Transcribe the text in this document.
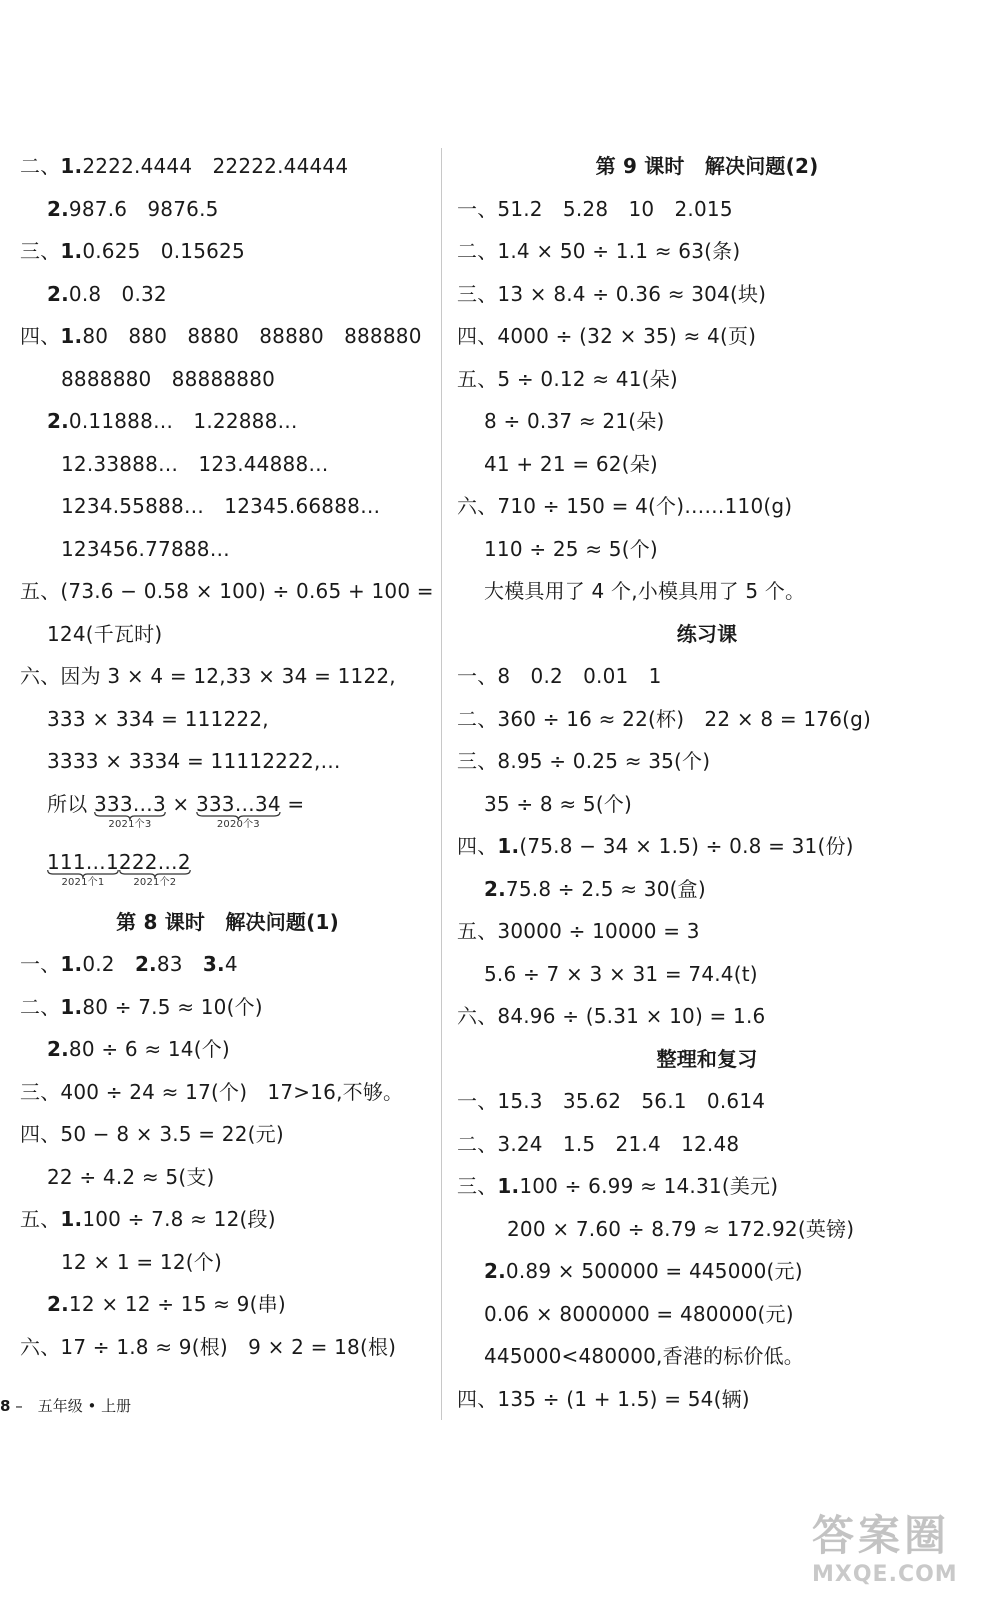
二、1.2222.4444　22222.44444
2.987.6　9876.5
三、1.0.625　0.15625
2.0.8　0.32
四、1.80　880　8880　88880　888880
8888880　88888880
2.0.11888…　1.22888…
12.33888…　123.44888…
1234.55888…　12345.66888…
123456.77888…
五、(73.6 − 0.58 × 100) ÷ 0.65 + 100 =
124(千瓦时)
六、因为 3 × 4 = 12,33 × 34 = 1122,
333 × 334 = 111222,
3333 × 3334 = 11112222,…
所以 333…3
2021个3
× 333…34
2020个3
=
111…1
2021个1
222…2
2021个2
第 8 课时　解决问题(1)
一、1.0.2　2.83　3.4
二、1.80 ÷ 7.5 ≈ 10(个)
2.80 ÷ 6 ≈ 14(个)
三、400 ÷ 24 ≈ 17(个)　17>16,不够。
四、50 − 8 × 3.5 = 22(元)
22 ÷ 4.2 ≈ 5(支)
五、1.100 ÷ 7.8 ≈ 12(段)
12 × 1 = 12(个)
2.12 × 12 ÷ 15 ≈ 9(串)
六、17 ÷ 1.8 ≈ 9(根)　9 × 2 = 18(根)
第 9 课时　解决问题(2)
一、51.2　5.28　10　2.015
二、1.4 × 50 ÷ 1.1 ≈ 63(条)
三、13 × 8.4 ÷ 0.36 ≈ 304(块)
四、4000 ÷ (32 × 35) ≈ 4(页)
五、5 ÷ 0.12 ≈ 41(朵)
8 ÷ 0.37 ≈ 21(朵)
41 + 21 = 62(朵)
六、710 ÷ 150 = 4(个)……110(g)
110 ÷ 25 ≈ 5(个)
大模具用了 4 个,小模具用了 5 个。
练习课
一、8　0.2　0.01　1
二、360 ÷ 16 ≈ 22(杯)　22 × 8 = 176(g)
三、8.95 ÷ 0.25 ≈ 35(个)
35 ÷ 8 ≈ 5(个)
四、1.(75.8 − 34 × 1.5) ÷ 0.8 = 31(份)
2.75.8 ÷ 2.5 ≈ 30(盒)
五、30000 ÷ 10000 = 3
5.6 ÷ 7 × 3 × 31 = 74.4(t)
六、84.96 ÷ (5.31 × 10) = 1.6
整理和复习
一、15.3　35.62　56.1　0.614
二、3.24　1.5　21.4　12.48
三、1.100 ÷ 6.99 ≈ 14.31(美元)
200 × 7.60 ÷ 8.79 ≈ 172.92(英镑)
2.0.89 × 500000 = 445000(元)
0.06 × 8000000 = 480000(元)
445000<480000,香港的标价低。
四、135 ÷ (1 + 1.5) = 54(辆)
8 –　五年级 • 上册
答案圈
MXQE.COM
